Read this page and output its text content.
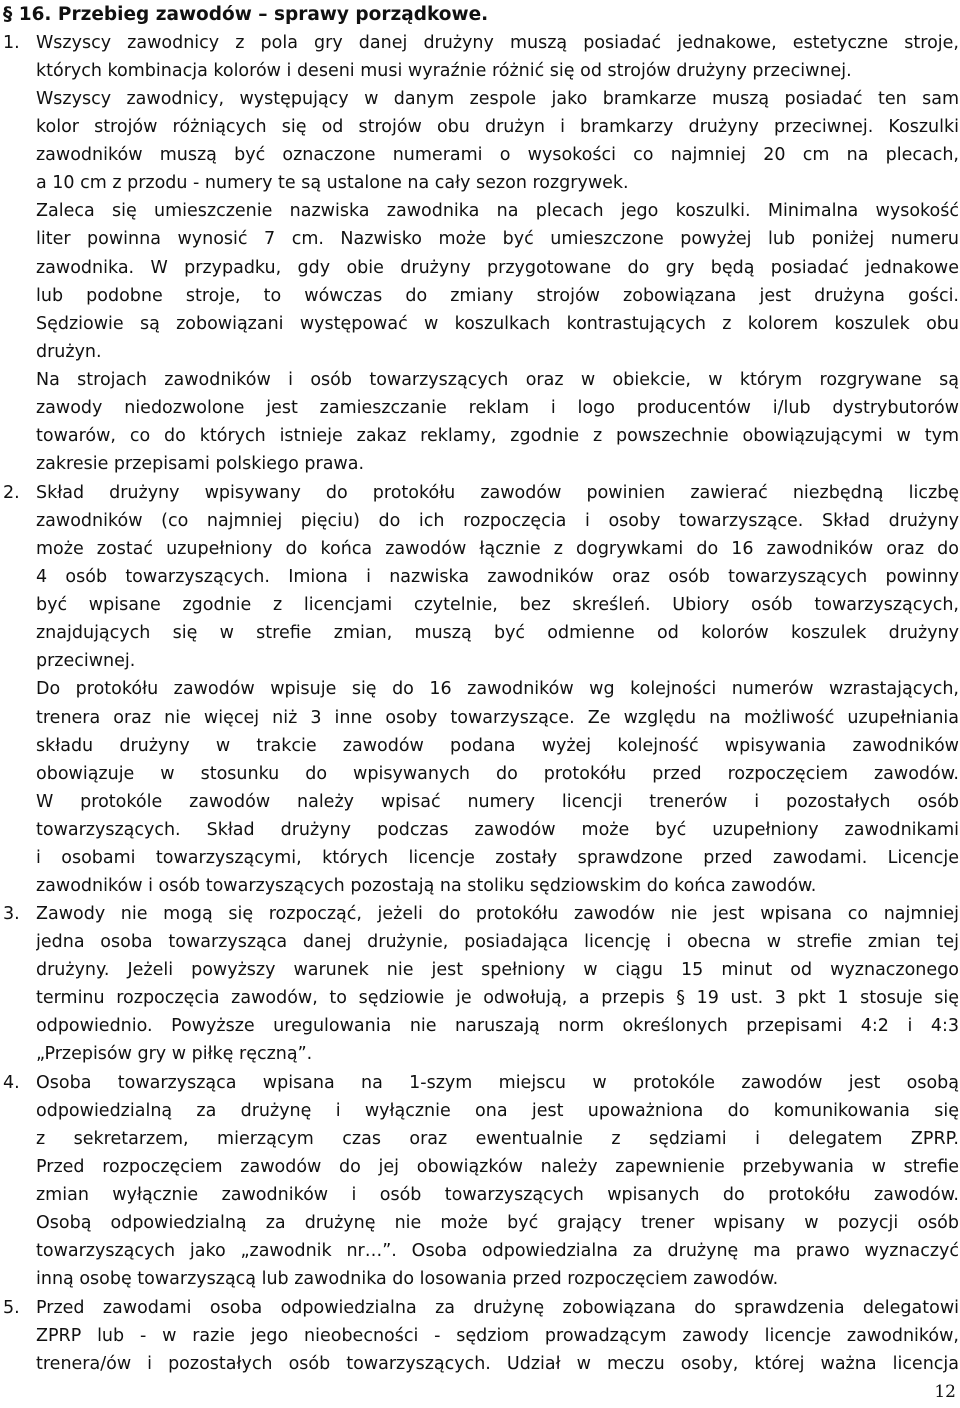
§ 16. Przebieg zawodów – sprawy porządkowe.
1. Wszyscy zawodnicy z pola gry danej drużyny muszą posiadać jednakowe, estetyczne stroje,
których kombinacja kolorów i deseni musi wyraźnie różnić się od strojów drużyny przeciwnej.
Wszyscy zawodnicy, występujący w danym zespole jako bramkarze muszą posiadać ten sam
kolor strojów różniących się od strojów obu drużyn i bramkarzy drużyny przeciwnej. Koszulki
zawodników muszą być oznaczone numerami o wysokości co najmniej 20 cm na plecach,
a 10 cm z przodu - numery te są ustalone na cały sezon rozgrywek.
Zaleca się umieszczenie nazwiska zawodnika na plecach jego koszulki. Minimalna wysokość
liter powinna wynosić 7 cm. Nazwisko może być umieszczone powyżej lub poniżej numeru
zawodnika. W przypadku, gdy obie drużyny przygotowane do gry będą posiadać jednakowe
lub podobne stroje, to wówczas do zmiany strojów zobowiązana jest drużyna gości.
Sędziowie są zobowiązani występować w koszulkach kontrastujących z kolorem koszulek obu
drużyn.
Na strojach zawodników i osób towarzyszących oraz w obiekcie, w którym rozgrywane są
zawody niedozwolone jest zamieszczanie reklam i logo producentów i/lub dystrybutorów
towarów, co do których istnieje zakaz reklamy, zgodnie z powszechnie obowiązującymi w tym
zakresie przepisami polskiego prawa.
2. Skład drużyny wpisywany do protokółu zawodów powinien zawierać niezbędną liczbę
zawodników (co najmniej pięciu) do ich rozpoczęcia i osoby towarzyszące. Skład drużyny
może zostać uzupełniony do końca zawodów łącznie z dogrywkami do 16 zawodników oraz do
4 osób towarzyszących. Imiona i nazwiska zawodników oraz osób towarzyszących powinny
być wpisane zgodnie z licencjami czytelnie, bez skreśleń. Ubiory osób towarzyszących,
znajdujących się w strefie zmian, muszą być odmienne od kolorów koszulek drużyny
przeciwnej.
Do protokółu zawodów wpisuje się do 16 zawodników wg kolejności numerów wzrastających,
trenera oraz nie więcej niż 3 inne osoby towarzyszące. Ze względu na możliwość uzupełniania
składu drużyny w trakcie zawodów podana wyżej kolejność wpisywania zawodników
obowiązuje w stosunku do wpisywanych do protokółu przed rozpoczęciem zawodów.
W protokóle zawodów należy wpisać numery licencji trenerów i pozostałych osób
towarzyszących. Skład drużyny podczas zawodów może być uzupełniony zawodnikami
i osobami towarzyszącymi, których licencje zostały sprawdzone przed zawodami. Licencje
zawodników i osób towarzyszących pozostają na stoliku sędziowskim do końca zawodów.
3. Zawody nie mogą się rozpocząć, jeżeli do protokółu zawodów nie jest wpisana co najmniej
jedna osoba towarzysząca danej drużynie, posiadająca licencję i obecna w strefie zmian tej
drużyny. Jeżeli powyższy warunek nie jest spełniony w ciągu 15 minut od wyznaczonego
terminu rozpoczęcia zawodów, to sędziowie je odwołują, a przepis § 19 ust. 3 pkt 1 stosuje się
odpowiednio. Powyższe uregulowania nie naruszają norm określonych przepisami 4:2 i 4:3
„Przepisów gry w piłkę ręczną”.
4. Osoba towarzysząca wpisana na 1-szym miejscu w protokóle zawodów jest osobą
odpowiedzialną za drużynę i wyłącznie ona jest upoważniona do komunikowania się
z sekretarzem, mierzącym czas oraz ewentualnie z sędziami i delegatem ZPRP.
Przed rozpoczęciem zawodów do jej obowiązków należy zapewnienie przebywania w strefie
zmian wyłącznie zawodników i osób towarzyszących wpisanych do protokółu zawodów.
Osobą odpowiedzialną za drużynę nie może być grający trener wpisany w pozycji osób
towarzyszących jako „zawodnik nr…”. Osoba odpowiedzialna za drużynę ma prawo wyznaczyć
inną osobę towarzyszącą lub zawodnika do losowania przed rozpoczęciem zawodów.
5. Przed zawodami osoba odpowiedzialna za drużynę zobowiązana do sprawdzenia delegatowi
ZPRP lub - w razie jego nieobecności - sędziom prowadzącym zawody licencje zawodników,
trenera/ów i pozostałych osób towarzyszących. Udział w meczu osoby, której ważna licencja
12
